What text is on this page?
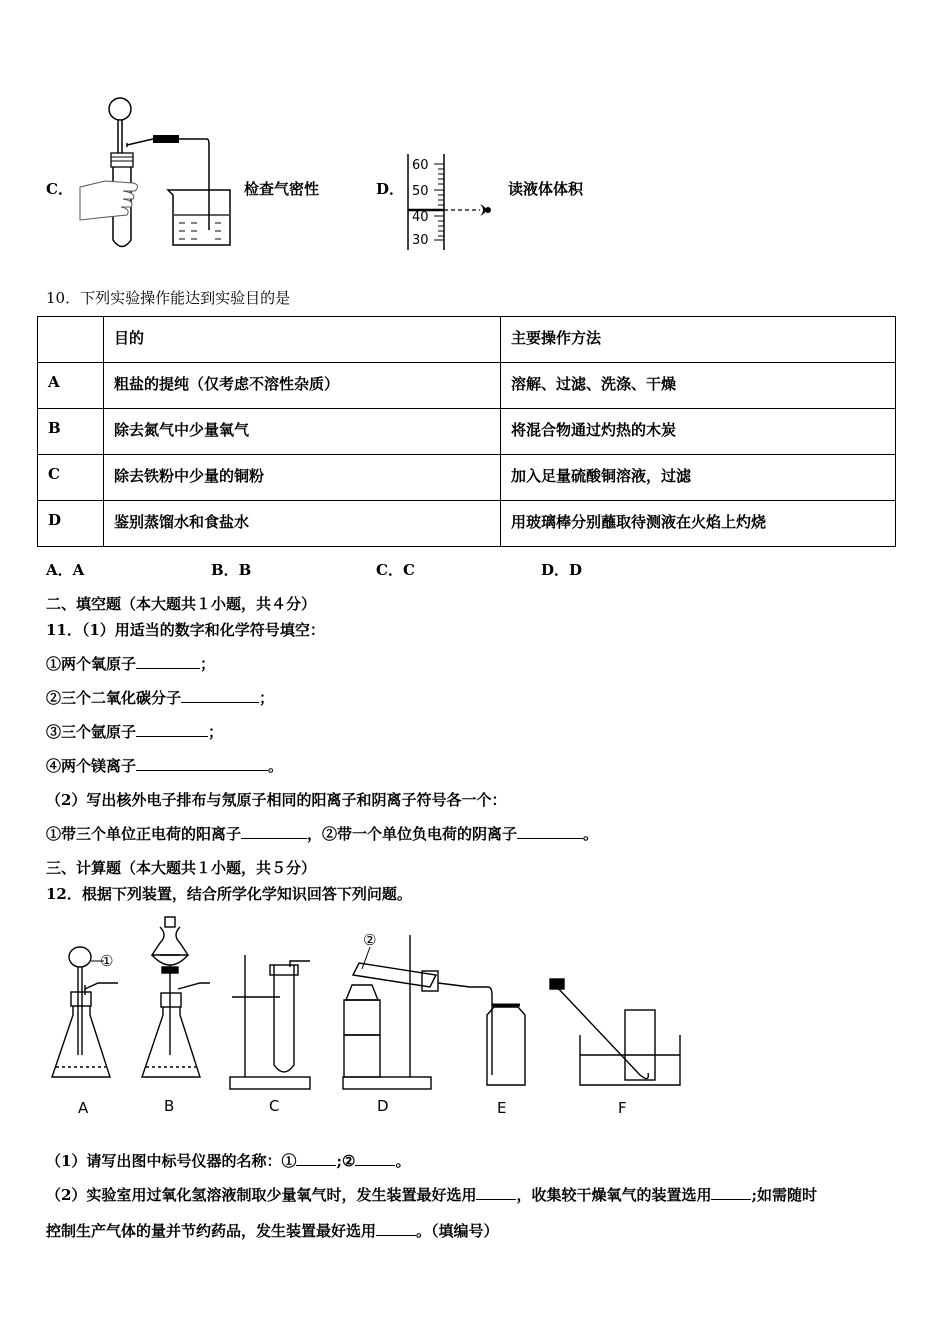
C．	检查气密性	D．
60
50
40
30
读液体体积
10．下列实验操作能达到实验目的是
	目的	主要操作方法
A	粗盐的提纯（仅考虑不溶性杂质）	溶解、过滤、洗涤、干燥
B	除去氮气中少量氧气	将混合物通过灼热的木炭
C	除去铁粉中少量的铜粉	加入足量硫酸铜溶液，过滤
D	鉴别蒸馏水和食盐水	用玻璃棒分别蘸取待测液在火焰上灼烧
A．A	B．B	C．C	D．D
二、填空题（本大题共１小题，共４分）
11．（1）用适当的数字和化学符号填空：
①两个氧原子	；
②三个二氧化碳分子	；
③三个氩原子	；
④两个镁离子	。
（2）写出核外电子排布与氖原子相同的阳离子和阴离子符号各一个：
①带三个单位正电荷的阳离子	，②带一个单位负电荷的阴离子	。
三、计算题（本大题共１小题，共５分）
12．根据下列装置，结合所学化学知识回答下列问题。
①
②
A	B	C	D	E	F
（1）请写出图中标号仪器的名称：①	;②	。
（2）实验室用过氧化氢溶液制取少量氧气时，发生装置最好选用	，收集较干燥氧气的装置选用	;如需随时
控制生产气体的量并节约药品，发生装置最好选用	。（填编号）
